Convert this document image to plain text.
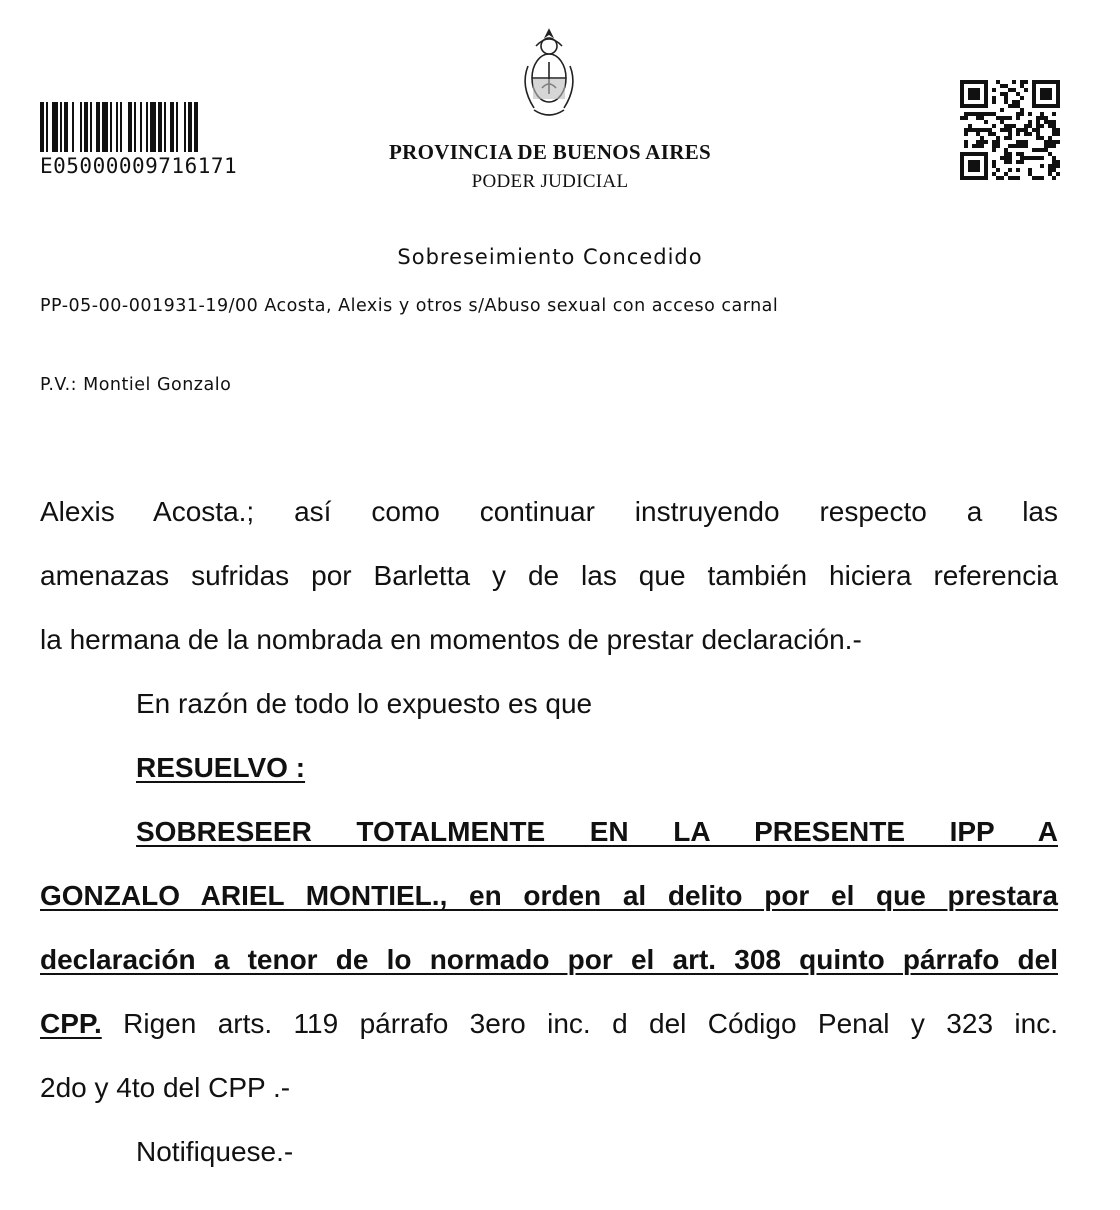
E05000009716171
PROVINCIA DE BUENOS AIRES
PODER JUDICIAL
Sobreseimiento Concedido
PP-05-00-001931-19/00 Acosta, Alexis y otros s/Abuso sexual con acceso carnal
P.V.: Montiel Gonzalo
Alexis Acosta.; así como continuar instruyendo respecto a las
amenazas sufridas por Barletta y de las que también hiciera referencia
la hermana de la nombrada en momentos de prestar declaración.-
En razón de todo lo expuesto es que
RESUELVO :
SOBRESEER TOTALMENTE EN LA PRESENTE IPP A
GONZALO ARIEL MONTIEL., en orden al delito por el que prestara
declaración a tenor de lo normado por el art. 308 quinto párrafo del
CPP. Rigen arts. 119 párrafo 3ero inc. d del Código Penal y 323 inc.
2do y 4to del CPP .-
Notifiquese.-
